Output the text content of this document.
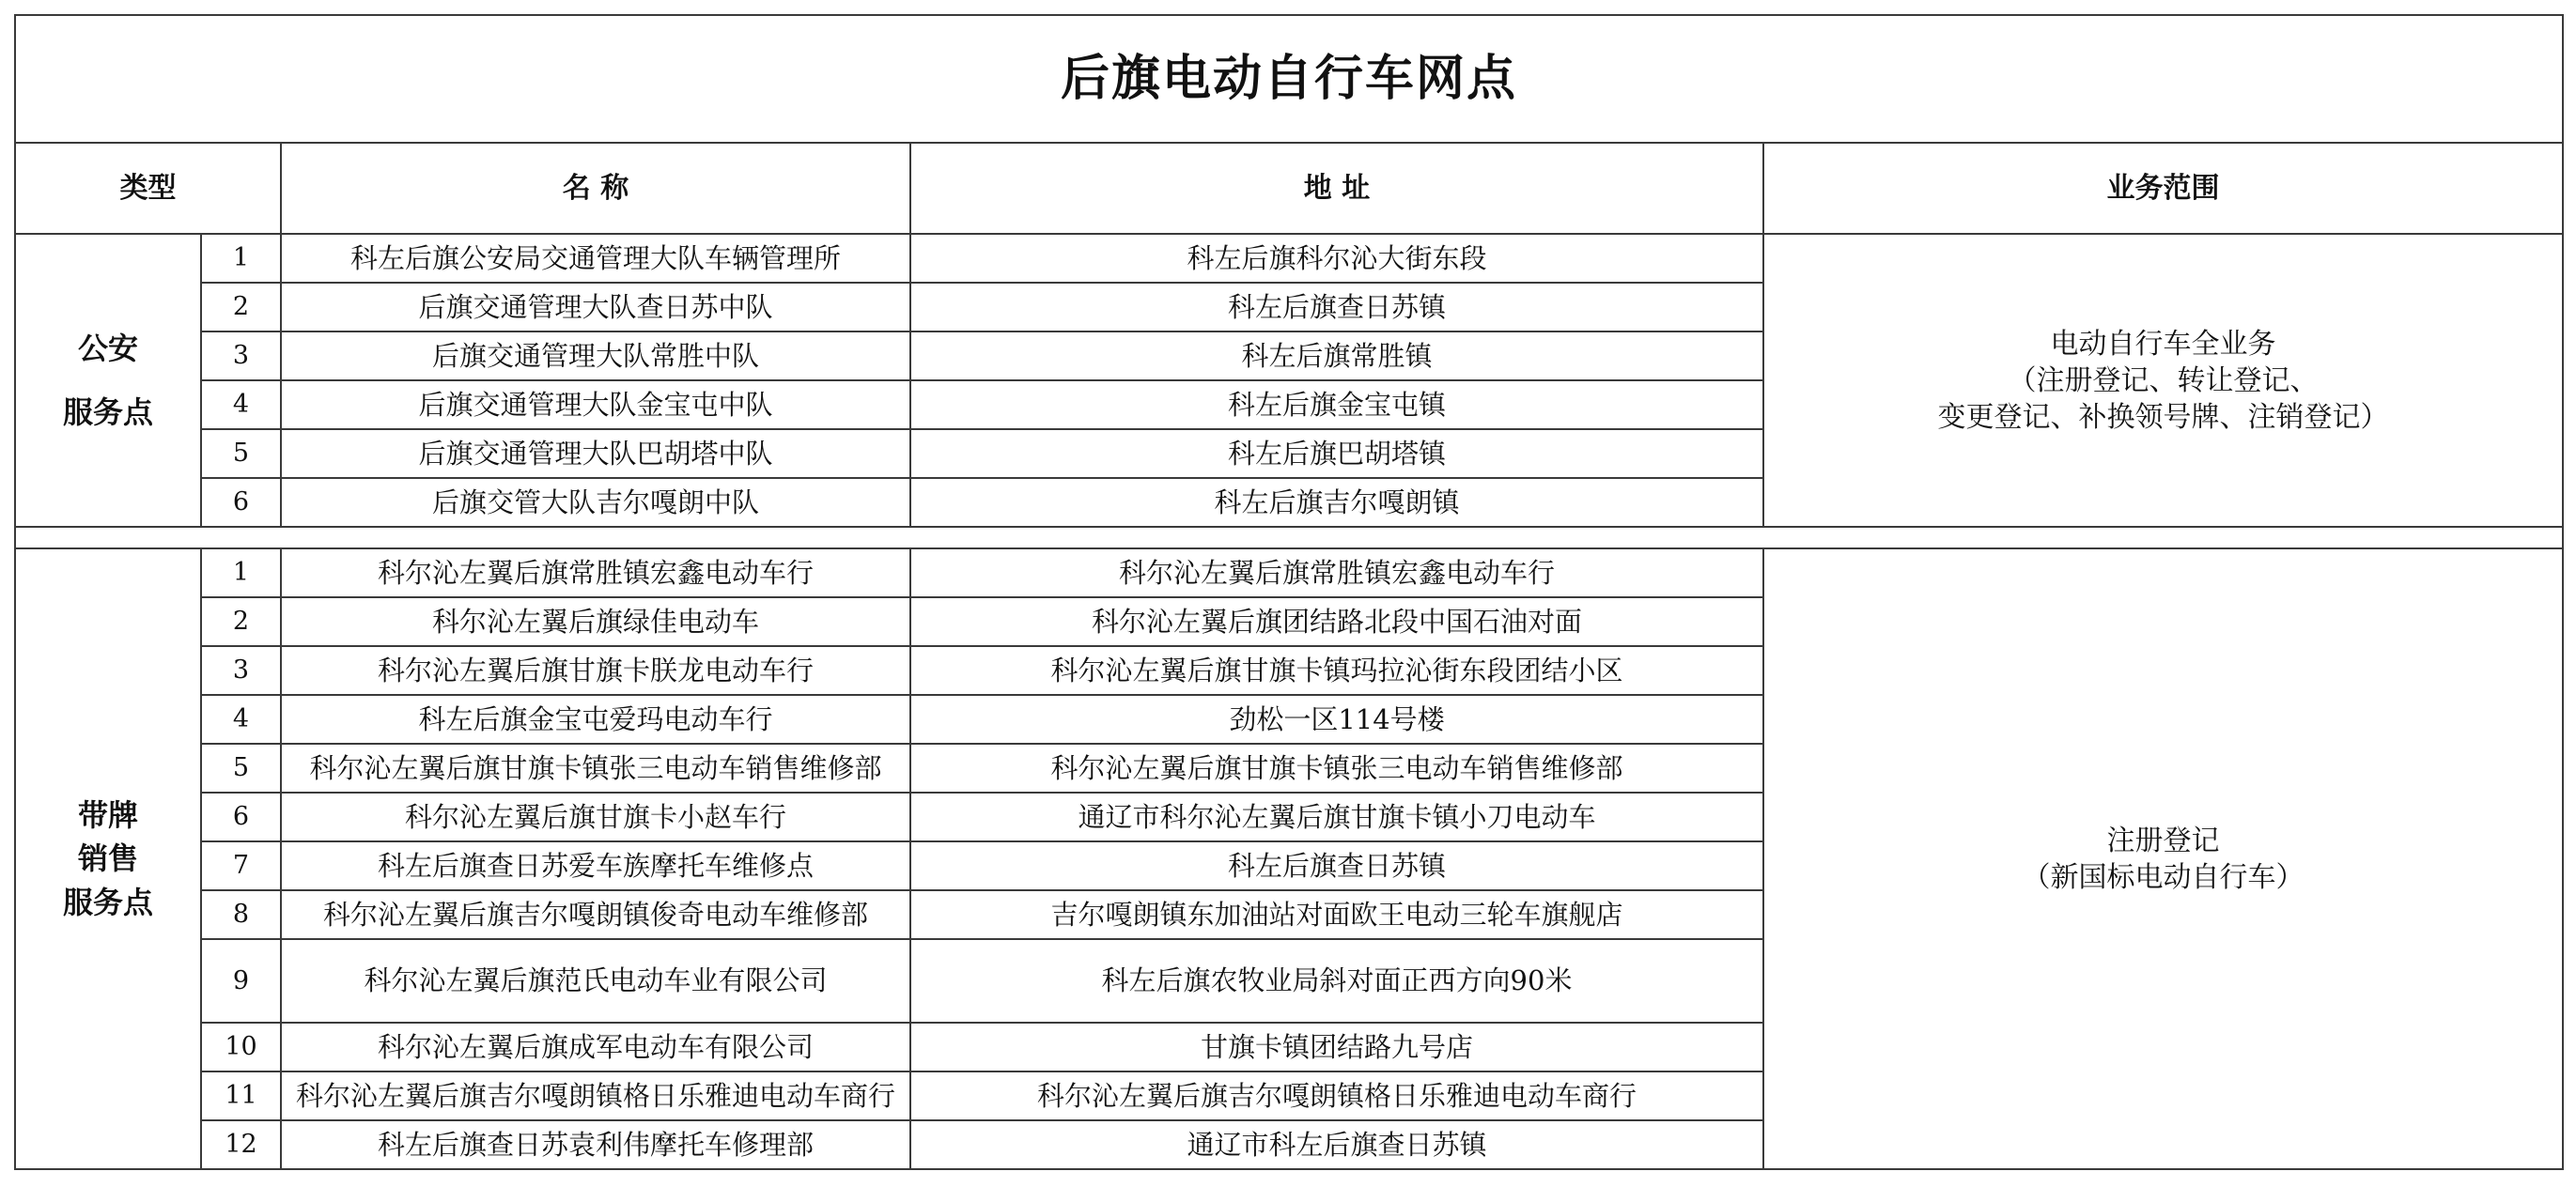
后旗电动自行车网点				
类型		名 称	地 址	业务范围

公安
服务点	1	科左后旗公安局交通管理大队车辆管理所	科左后旗科尔沁大街东段	电动自行车全业务
（注册登记、转让登记、
变更登记、补换领号牌、注销登记）

	2	后旗交通管理大队查日苏中队	科左后旗查日苏镇	
	3	后旗交通管理大队常胜中队	科左后旗常胜镇	
	4	后旗交通管理大队金宝屯中队	科左后旗金宝屯镇	
	5	后旗交通管理大队巴胡塔中队	科左后旗巴胡塔镇	
	6	后旗交管大队吉尔嘎朗中队	科左后旗吉尔嘎朗镇	

带牌
销售
服务点	1	科尔沁左翼后旗常胜镇宏鑫电动车行	科尔沁左翼后旗常胜镇宏鑫电动车行	注册登记
（新国标电动自行车）

	2	科尔沁左翼后旗绿佳电动车	科尔沁左翼后旗团结路北段中国石油对面	
	3	科尔沁左翼后旗甘旗卡朕龙电动车行	科尔沁左翼后旗甘旗卡镇玛拉沁街东段团结小区	
	4	科左后旗金宝屯爱玛电动车行	劲松一区114号楼	
	5	科尔沁左翼后旗甘旗卡镇张三电动车销售维修部	科尔沁左翼后旗甘旗卡镇张三电动车销售维修部	
	6	科尔沁左翼后旗甘旗卡小赵车行	通辽市科尔沁左翼后旗甘旗卡镇小刀电动车	
	7	科左后旗查日苏爱车族摩托车维修点	科左后旗查日苏镇	
	8	科尔沁左翼后旗吉尔嘎朗镇俊奇电动车维修部	吉尔嘎朗镇东加油站对面欧王电动三轮车旗舰店	
	9	科尔沁左翼后旗范氏电动车业有限公司	科左后旗农牧业局斜对面正西方向90米	
	10	科尔沁左翼后旗成军电动车有限公司	甘旗卡镇团结路九号店	
	11	科尔沁左翼后旗吉尔嘎朗镇格日乐雅迪电动车商行	科尔沁左翼后旗吉尔嘎朗镇格日乐雅迪电动车商行	
	12	科左后旗查日苏袁利伟摩托车修理部	通辽市科左后旗查日苏镇	
